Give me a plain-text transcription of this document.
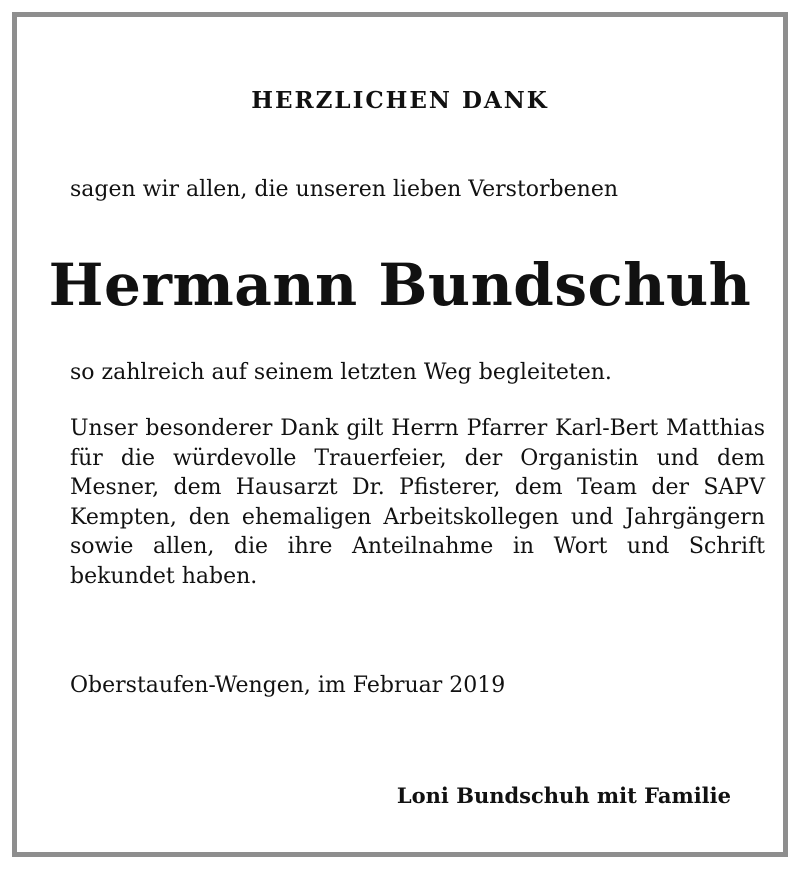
HERZLICHEN DANK

sagen wir allen, die unseren lieben Verstorbenen

Hermann Bundschuh

so zahlreich auf seinem letzten Weg begleiteten.

Unser besonderer Dank gilt Herrn Pfarrer Karl-Bert Matthias für die würdevolle Trauerfeier, der Organistin und dem Mesner, dem Hausarzt Dr. Pfisterer, dem Team der SAPV Kempten, den ehemaligen Arbeitskollegen und Jahrgängern sowie allen, die ihre Anteilnahme in Wort und Schrift bekundet haben.

Oberstaufen-Wengen, im Februar 2019

Loni Bundschuh mit Familie
